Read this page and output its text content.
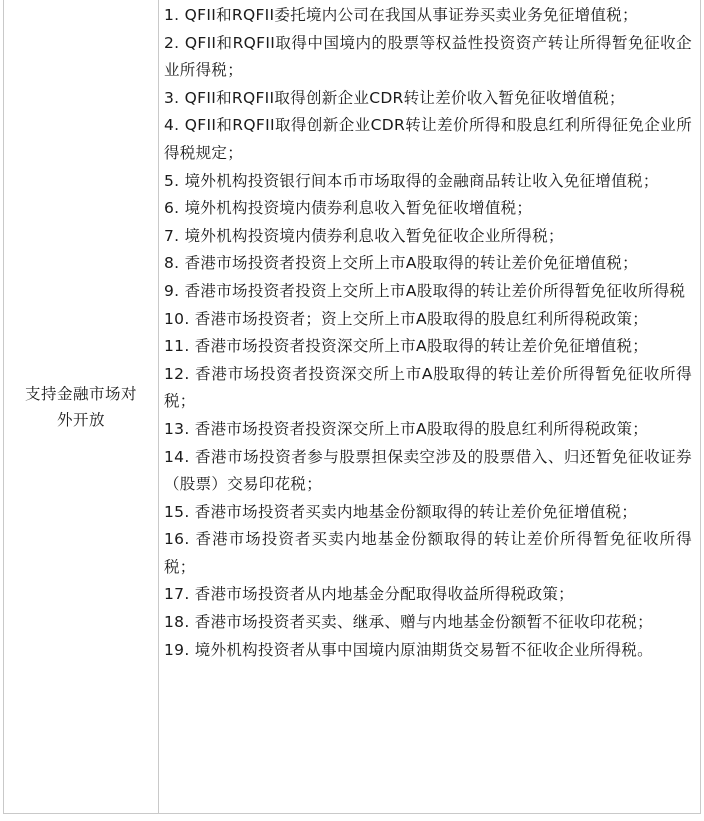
支持金融市场对外开放
1. QFII和RQFII委托境内公司在我国从事证券买卖业务免征增值税；
2. QFII和RQFII取得中国境内的股票等权益性投资资产转让所得暂免征收企业所得税；
3. QFII和RQFII取得创新企业CDR转让差价收入暂免征收增值税；
4. QFII和RQFII取得创新企业CDR转让差价所得和股息红利所得征免企业所得税规定；
5. 境外机构投资银行间本币市场取得的金融商品转让收入免征增值税；
6. 境外机构投资境内债券利息收入暂免征收增值税；
7. 境外机构投资境内债券利息收入暂免征收企业所得税；
8. 香港市场投资者投资上交所上市A股取得的转让差价免征增值税；
9. 香港市场投资者投资上交所上市A股取得的转让差价所得暂免征收所得税
10. 香港市场投资者；资上交所上市A股取得的股息红利所得税政策；
11. 香港市场投资者投资深交所上市A股取得的转让差价免征增值税；
12. 香港市场投资者投资深交所上市A股取得的转让差价所得暂免征收所得税；
13. 香港市场投资者投资深交所上市A股取得的股息红利所得税政策；
14. 香港市场投资者参与股票担保卖空涉及的股票借入、归还暂免征收证券（股票）交易印花税；
15. 香港市场投资者买卖内地基金份额取得的转让差价免征增值税；
16. 香港市场投资者买卖内地基金份额取得的转让差价所得暂免征收所得税；
17. 香港市场投资者从内地基金分配取得收益所得税政策；
18. 香港市场投资者买卖、继承、赠与内地基金份额暂不征收印花税；
19. 境外机构投资者从事中国境内原油期货交易暂不征收企业所得税。
